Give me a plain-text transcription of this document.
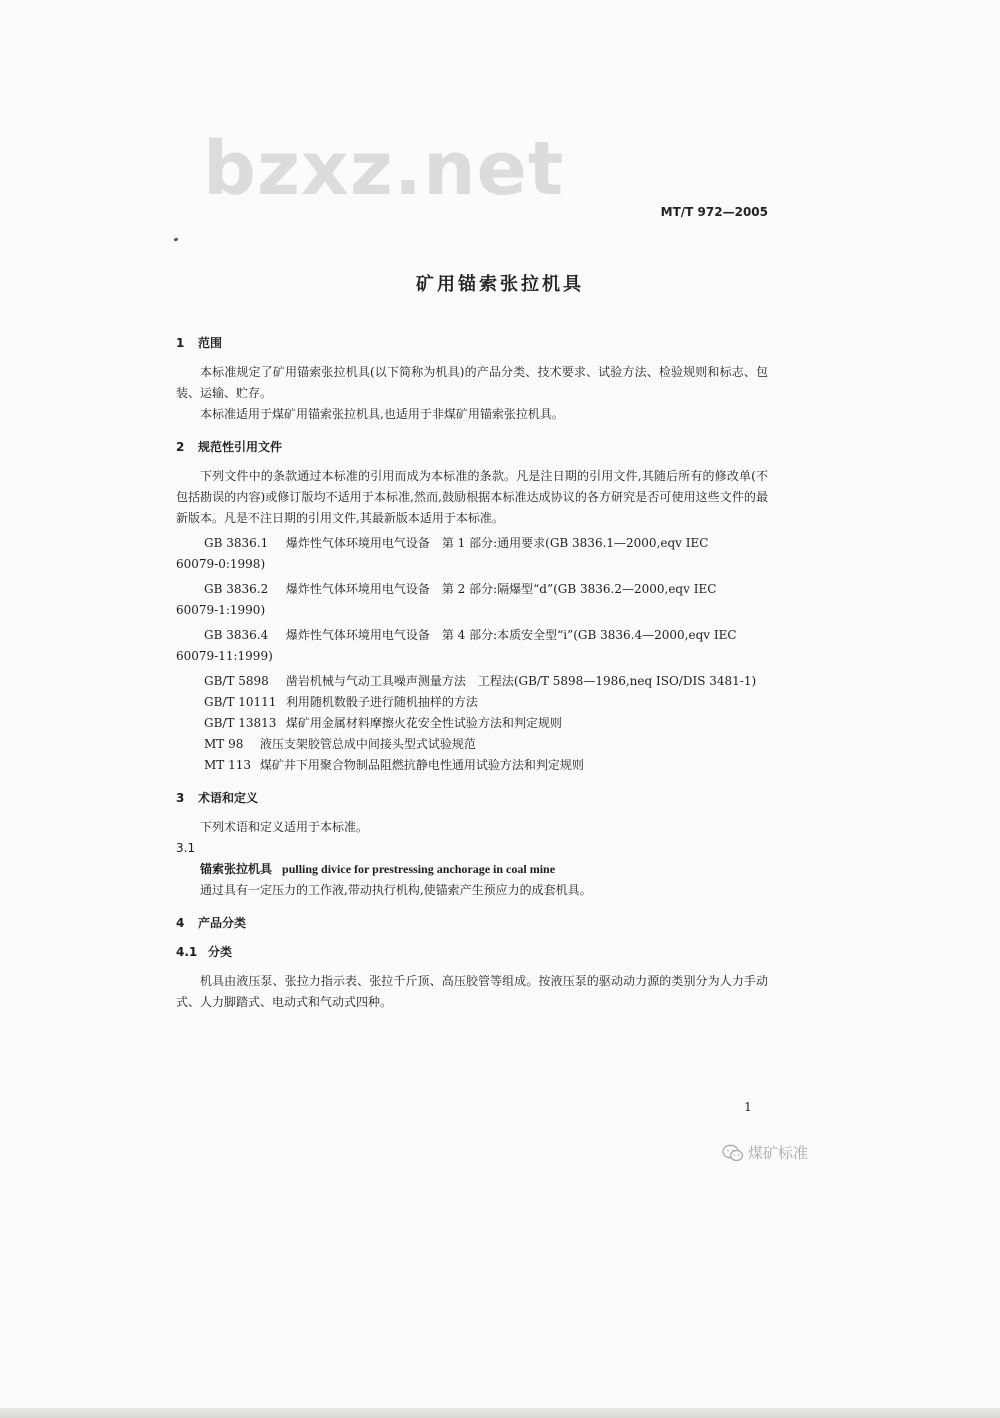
bzxz.net	MT/T 972—2005
矿用锚索张拉机具

1 范围

本标准规定了矿用锚索张拉机具(以下简称为机具)的产品分类、技术要求、试验方法、检验规则和标志、包装、运输、贮存。

本标准适用于煤矿用锚索张拉机具,也适用于非煤矿用锚索张拉机具。

2 规范性引用文件

下列文件中的条款通过本标准的引用而成为本标准的条款。凡是注日期的引用文件,其随后所有的修改单(不包括勘误的内容)或修订版均不适用于本标准,然而,鼓励根据本标准达成协议的各方研究是否可使用这些文件的最新版本。凡是不注日期的引用文件,其最新版本适用于本标准。

GB 3836.1 爆炸性气体环境用电气设备　第 1 部分:通用要求(GB 3836.1—2000,eqv IEC

60079-0:1998)

GB 3836.2 爆炸性气体环境用电气设备　第 2 部分:隔爆型“d”(GB 3836.2—2000,eqv IEC

60079-1:1990)

GB 3836.4 爆炸性气体环境用电气设备　第 4 部分:本质安全型“i”(GB 3836.4—2000,eqv IEC

60079-11:1999)

GB/T 5898 凿岩机械与气动工具噪声测量方法　工程法(GB/T 5898—1986,neq ISO/DIS 3481-1)

GB/T 10111 利用随机数骰子进行随机抽样的方法

GB/T 13813 煤矿用金属材料摩擦火花安全性试验方法和判定规则

MT 98 液压支架胶管总成中间接头型式试验规范

MT 113 煤矿井下用聚合物制品阻燃抗静电性通用试验方法和判定规则

3 术语和定义

下列术语和定义适用于本标准。

3.1

锚索张拉机具 pulling divice for prestressing anchorage in coal mine

通过具有一定压力的工作液,带动执行机构,使锚索产生预应力的成套机具。

4 产品分类

4.1 分类

机具由液压泵、张拉力指示表、张拉千斤顶、高压胶管等组成。按液压泵的驱动动力源的类别分为人力手动式、人力脚踏式、电动式和气动式四种。

1
煤矿标准
